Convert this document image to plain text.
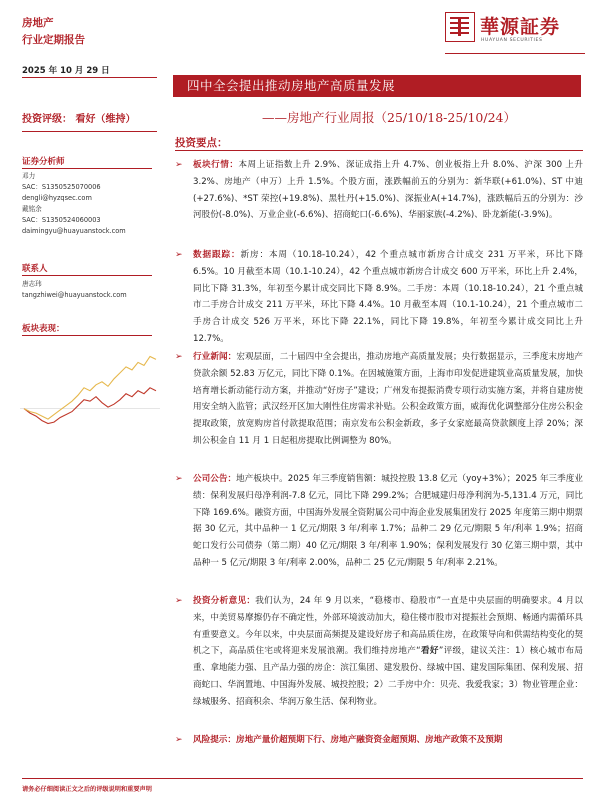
房地产
行业定期报告
華源証券
HUAYUAN SECURITIES
2025 年 10 月 29 日
四中全会提出推动房地产高质量发展
——房地产行业周报（25/10/18-25/10/24）
投资评级： 看好（维持）
投资要点：
证券分析师
邓力
SAC：S1350525070006
dengli@hyzqsec.com
戴铭余
SAC：S1350524060003
daimingyu@huayuanstock.com
联系人
唐志玮
tangzhiwei@huayuanstock.com
板块表现：
➢ 板块行情：本周上证指数上升 2.9%、深证成指上升 4.7%、创业板指上升 8.0%、沪深 300 上升 3.2%、房地产（申万）上升 1.5%。个股方面，涨跌幅前五的分别为：新华联(+61.0%)、ST 中迪(+27.6%)、*ST 荣控(+19.8%)、黑牡丹(+15.0%)、深振业A(+14.7%)，涨跌幅后五的分别为：沙河股份(-8.0%)、万业企业(-6.6%)、招商蛇口(-6.6%)、华丽家族(-4.2%)、卧龙新能(-3.9%)。
➢ 数据跟踪：新房：本周（10.18-10.24），42 个重点城市新房合计成交 231 万平米，环比下降 6.5%。10 月截至本周（10.1-10.24），42 个重点城市新房合计成交 600 万平米，环比上升 2.4%，同比下降 31.3%，年初至今累计成交同比下降 8.9%。二手房：本周（10.18-10.24），21 个重点城市二手房合计成交 211 万平米，环比下降 4.4%。10 月截至本周（10.1-10.24），21 个重点城市二手房合计成交 526 万平米，环比下降 22.1%，同比下降 19.8%，年初至今累计成交同比上升 12.7%。
➢ 行业新闻：宏观层面，二十届四中全会提出，推动房地产高质量发展；央行数据显示，三季度末房地产贷款余额 52.83 万亿元，同比下降 0.1%。在因城施策方面，上海市印发促进建筑业高质量发展，加快培育增长新动能行动方案，并推动“好房子”建设；广州发布提振消费专项行动实施方案，并将自建房使用安全纳入监管；武汉经开区加大刚性住房需求补贴。公积金政策方面，威海优化调整部分住房公积金提取政策，放宽购房首付款提取范围；南京发布公积金新政，多子女家庭最高贷款额度上浮 20%；深圳公积金自 11 月 1 日起租房提取比例调整为 80%。
➢ 公司公告：地产板块中。2025 年三季度销售额：城投控股 13.8 亿元（yoy+3%）；2025 年三季度业绩：保利发展归母净利润-7.8 亿元，同比下降 299.2%；合肥城建归母净利润为-5,131.4 万元，同比下降 169.6%。融资方面，中国海外发展全资附属公司中海企业发展集团发行 2025 年度第三期中期票据 30 亿元，其中品种一 1 亿元/期限 3 年/利率 1.7%；品种二 29 亿元/期限 5 年/利率 1.9%；招商蛇口发行公司债券（第二期）40 亿元/期限 3 年/利率 1.90%；保利发展发行 30 亿第三期中票，其中品种一 5 亿元/期限 3 年/利率 2.00%，品种二 25 亿元/期限 5 年/利率 2.21%。
➢ 投资分析意见：我们认为，24 年 9 月以来，“稳楼市、稳股市”一直是中央层面的明确要求。4 月以来，中美贸易摩擦仍存不确定性，外部环境波动加大，稳住楼市股市对提振社会预期、畅通内需循环具有重要意义。今年以来，中央层面高频提及建设好房子和高品质住房，在政策导向和供需结构变化的契机之下，高品质住宅或将迎来发展浪潮。我们维持房地产“看好”评级，建议关注：1）核心城市布局重、拿地能力强、且产品力强的房企：滨江集团、建发股份、绿城中国、建发国际集团、保利发展、招商蛇口、华润置地、中国海外发展、城投控股；2）二手房中介：贝壳、我爱我家；3）物业管理企业：绿城服务、招商积余、华润万象生活、保利物业。
➢ 风险提示：房地产量价超预期下行、房地产融资资金超预期、房地产政策不及预期
请务必仔细阅读正文之后的评级说明和重要声明
